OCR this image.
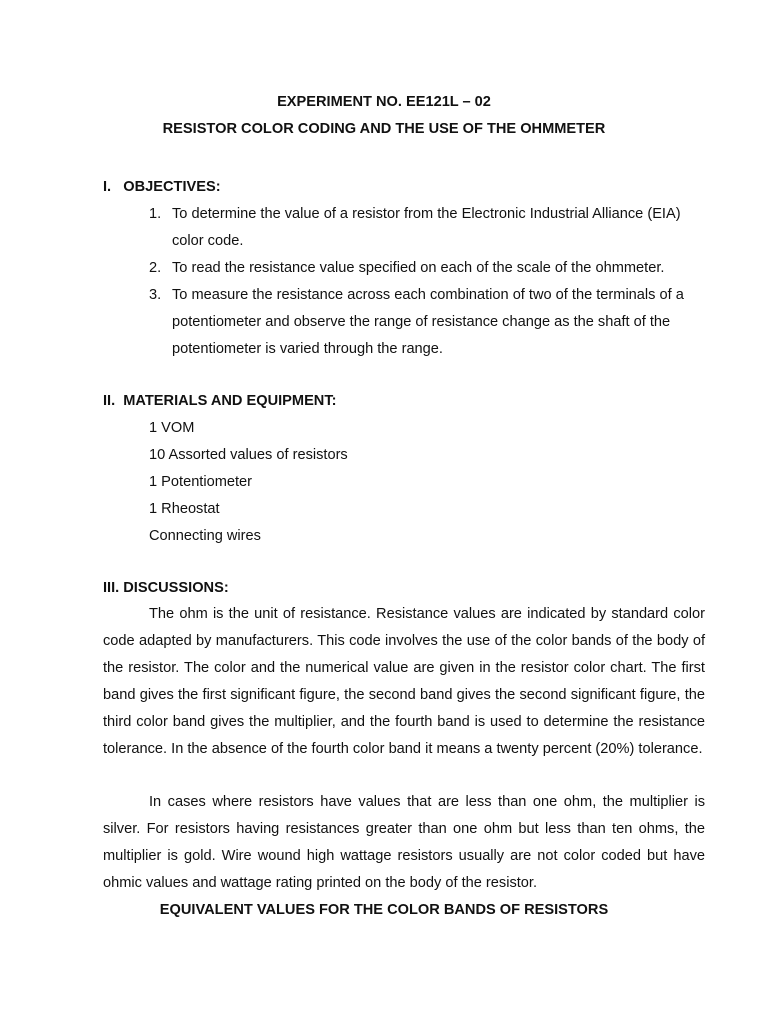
EXPERIMENT NO. EE121L – 02
RESISTOR COLOR CODING AND THE USE OF THE OHMMETER
I.   OBJECTIVES:
1. To determine the value of a resistor from the Electronic Industrial Alliance (EIA)
color code.
2. To read the resistance value specified on each of the scale of the ohmmeter.
3. To measure the resistance across each combination of two of the terminals of a
potentiometer and observe the range of resistance change as the shaft of the
potentiometer is varied through the range.
II.  MATERIALS AND EQUIPMENT:
1 VOM
10 Assorted values of resistors
1 Potentiometer
1 Rheostat
Connecting wires
III. DISCUSSIONS:

The ohm is the unit of resistance. Resistance values are indicated by standard color code adapted by manufacturers. This code involves the use of the color bands of the body of the resistor. The color and the numerical value are given in the resistor color chart. The first band gives the first significant figure, the second band gives the second significant figure, the third color band gives the multiplier, and the fourth band is used to determine the resistance tolerance. In the absence of the fourth color band it means a twenty percent (20%) tolerance.

In cases where resistors have values that are less than one ohm, the multiplier is silver. For resistors having resistances greater than one ohm but less than ten ohms, the multiplier is gold. Wire wound high wattage resistors usually are not color coded but have ohmic values and wattage rating printed on the body of the resistor.

EQUIVALENT VALUES FOR THE COLOR BANDS OF RESISTORS
